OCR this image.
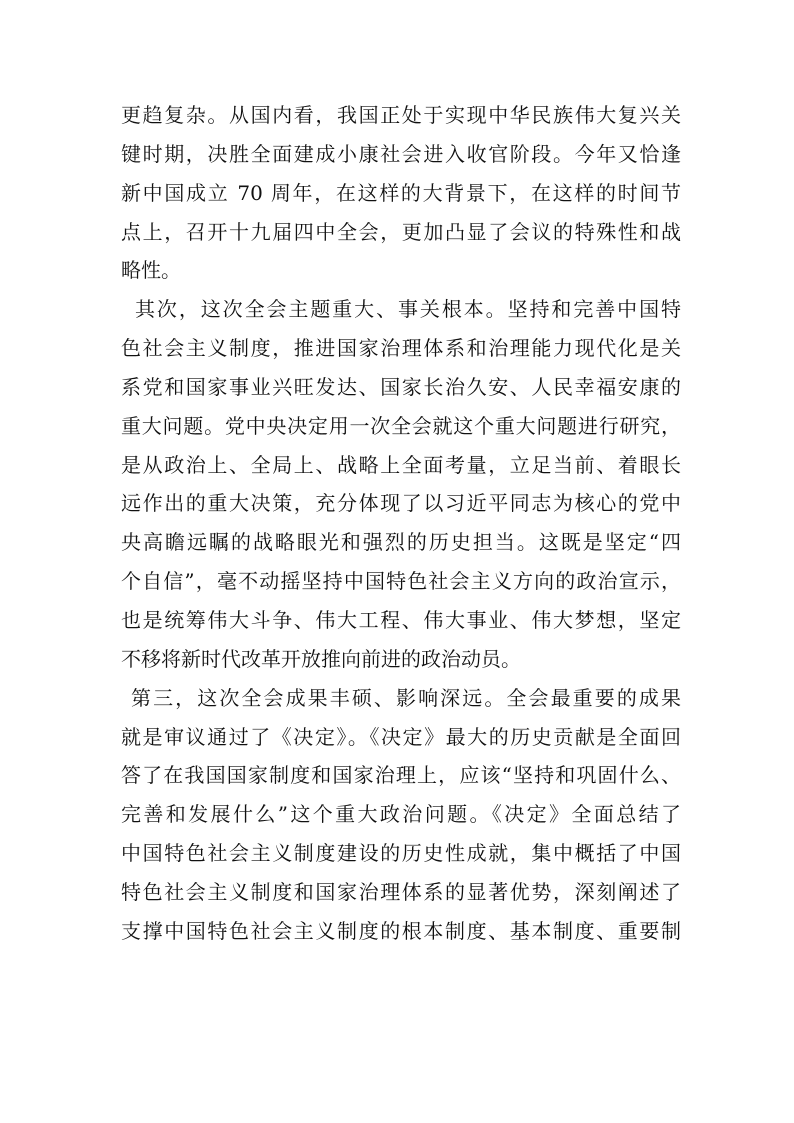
更趋复杂。从国内看，我国正处于实现中华民族伟大复兴关
键时期，决胜全面建成小康社会进入收官阶段。今年又恰逢
新中国成立 70 周年，在这样的大背景下，在这样的时间节
点上，召开十九届四中全会，更加凸显了会议的特殊性和战
略性。
其次，这次全会主题重大、事关根本。坚持和完善中国特
色社会主义制度，推进国家治理体系和治理能力现代化是关
系党和国家事业兴旺发达、国家长治久安、人民幸福安康的
重大问题。党中央决定用一次全会就这个重大问题进行研究，
是从政治上、全局上、战略上全面考量，立足当前、着眼长
远作出的重大决策，充分体现了以习近平同志为核心的党中
央高瞻远瞩的战略眼光和强烈的历史担当。这既是坚定“四
个自信”，毫不动摇坚持中国特色社会主义方向的政治宣示，
也是统筹伟大斗争、伟大工程、伟大事业、伟大梦想，坚定
不移将新时代改革开放推向前进的政治动员。
第三，这次全会成果丰硕、影响深远。全会最重要的成果
就是审议通过了《决定》。《决定》最大的历史贡献是全面回
答了在我国国家制度和国家治理上，应该“坚持和巩固什么、
完善和发展什么”这个重大政治问题。《决定》全面总结了
中国特色社会主义制度建设的历史性成就，集中概括了中国
特色社会主义制度和国家治理体系的显著优势，深刻阐述了
支撑中国特色社会主义制度的根本制度、基本制度、重要制
